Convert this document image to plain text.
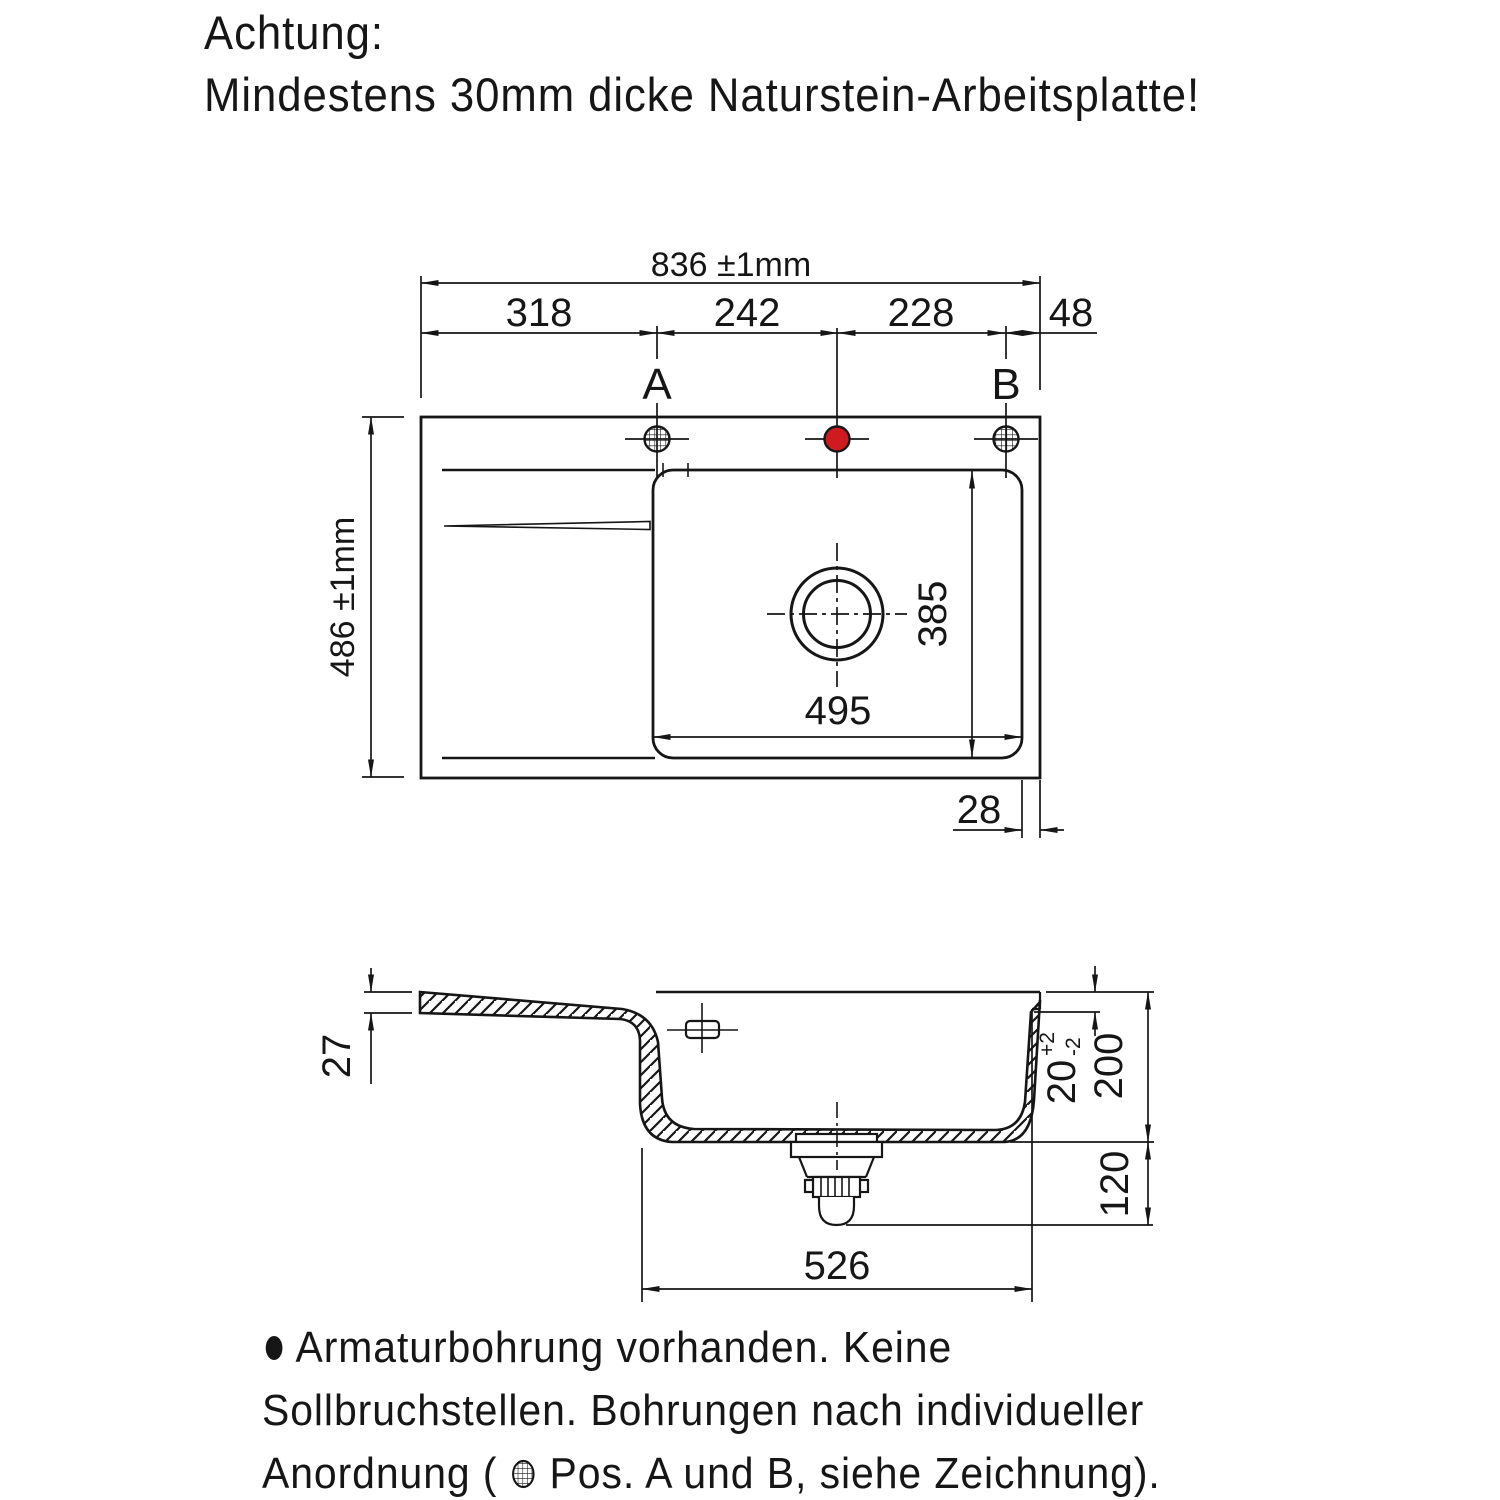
Achtung:
Mindestens 30mm dicke Naturstein-Arbeitsplatte!
836 ±1mm
318	242	228 48
A	B
486 ±1mm	385
495
28
27
20
+2 -2 200
120
526
Armaturbohrung vorhanden. Keine
Sollbruchstellen. Bohrungen nach individueller
Anordnung ( Pos. A und B, siehe Zeichnung).
